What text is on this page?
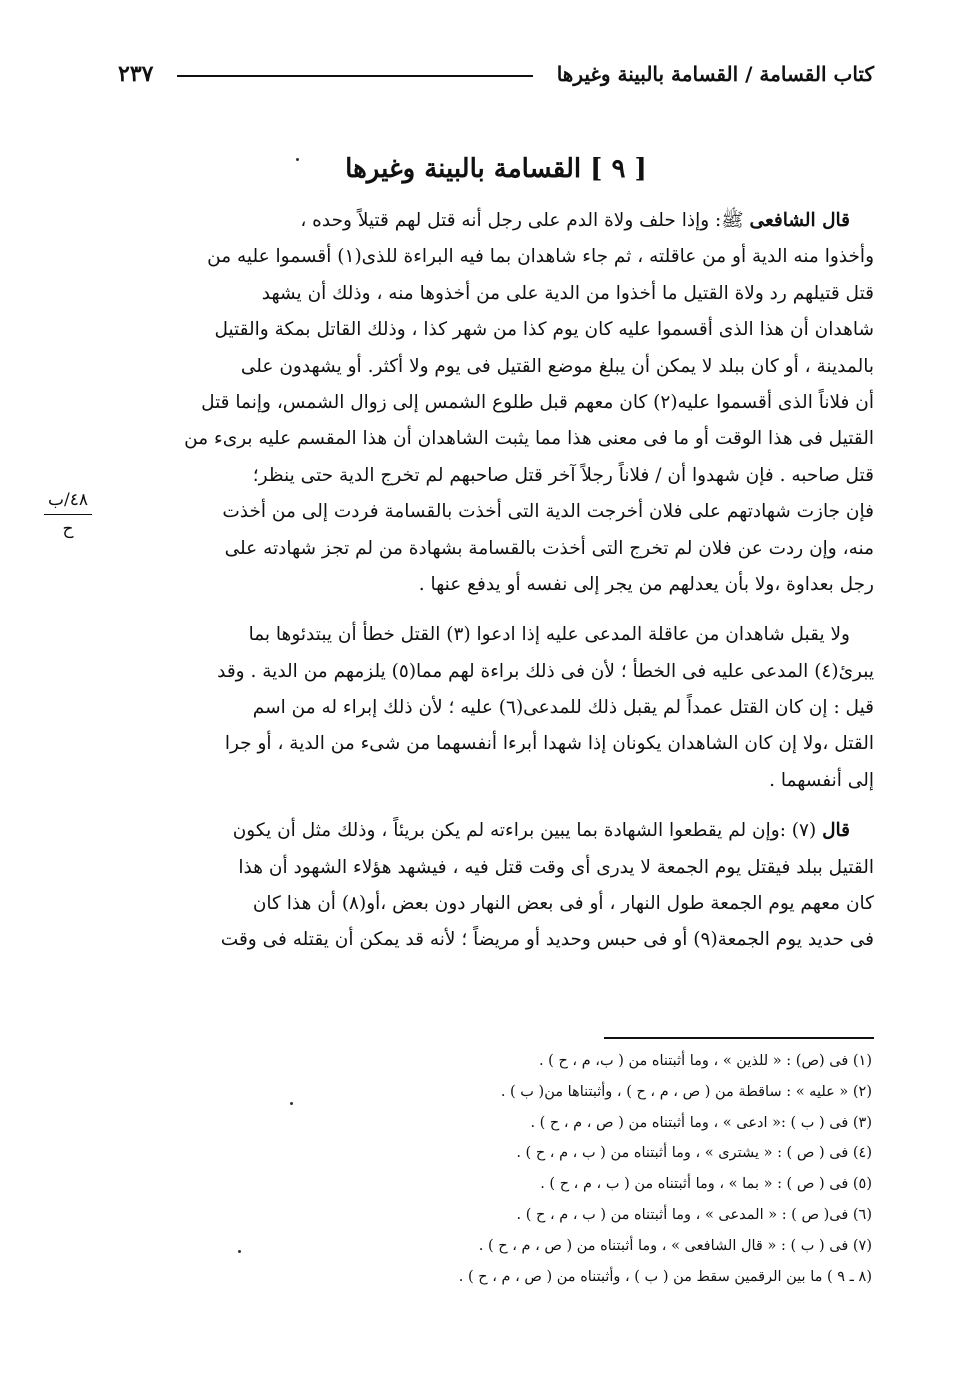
كتاب القسامة / القسامة بالبينة وغيرها
٢٣٧
[ ٩ ] القسامة بالبينة وغيرها
٤٨/ب
ح
قال الشافعى ﷺ: وإذا حلف ولاة الدم على رجل أنه قتل لهم قتيلاً وحده ،
وأخذوا منه الدية أو من عاقلته ، ثم جاء شاهدان بما فيه البراءة للذى(١) أقسموا عليه من
قتل قتيلهم رد ولاة القتيل ما أخذوا من الدية على من أخذوها منه ، وذلك أن يشهد
شاهدان أن هذا الذى أقسموا عليه كان يوم كذا من شهر كذا ، وذلك القاتل بمكة والقتيل
بالمدينة ، أو كان ببلد لا يمكن أن يبلغ موضع القتيل فى يوم ولا أكثر. أو يشهدون على
أن فلاناً الذى أقسموا عليه(٢) كان معهم قبل طلوع الشمس إلى زوال الشمس، وإنما قتل
القتيل فى هذا الوقت أو ما فى معنى هذا مما يثبت الشاهدان أن هذا المقسم عليه برىء من
قتل صاحبه . فإن شهدوا أن / فلاناً رجلاً آخر قتل صاحبهم لم تخرج الدية حتى ينظر؛
فإن جازت شهادتهم على فلان أخرجت الدية التى أخذت بالقسامة فردت إلى من أخذت
منه، وإن ردت عن فلان لم تخرج التى أخذت بالقسامة بشهادة من لم تجز شهادته على
رجل بعداوة ،ولا بأن يعدلهم من يجر إلى نفسه أو يدفع عنها .
ولا يقبل شاهدان من عاقلة المدعى عليه إذا ادعوا (٣) القتل خطأ أن يبتدئوها بما
يبرئ(٤) المدعى عليه فى الخطأ ؛ لأن فى ذلك براءة لهم مما(٥) يلزمهم من الدية . وقد
قيل : إن كان القتل عمداً لم يقبل ذلك للمدعى(٦) عليه ؛ لأن ذلك إبراء له من اسم
القتل ،ولا إن كان الشاهدان يكونان إذا شهدا أبرءا أنفسهما من شىء من الدية ، أو جرا
إلى أنفسهما .
قال (٧) :وإن لم يقطعوا الشهادة بما يبين براءته لم يكن بريئاً ، وذلك مثل أن يكون
القتيل ببلد فيقتل يوم الجمعة لا يدرى أى وقت قتل فيه ، فيشهد هؤلاء الشهود أن هذا
كان معهم يوم الجمعة طول النهار ، أو فى بعض النهار دون بعض ،أو(٨) أن هذا كان
فى حديد يوم الجمعة(٩) أو فى حبس وحديد أو مريضاً ؛ لأنه قد يمكن أن يقتله فى وقت
(١) فى (ص) : « للذين » ، وما أثبتناه من ( ب، م ، ح ) .
(٢) « عليه » : ساقطة من ( ص ، م ، ح ) ، وأثبتناها من( ب ) .
(٣) فى ( ب ) :« ادعى » ، وما أثبتناه من ( ص ، م ، ح ) .
(٤) فى ( ص ) : « يشترى » ، وما أثبتناه من ( ب ، م ، ح ) .
(٥) فى ( ص ) : « بما » ، وما أثبتناه من ( ب ، م ، ح ) .
(٦) فى( ص ) : « المدعى » ، وما أثبتناه من ( ب ، م ، ح ) .
(٧) فى ( ب ) : « قال الشافعى » ، وما أثبتناه من ( ص ، م ، ح ) .
(٨ ـ ٩ ) ما بين الرقمين سقط من ( ب ) ، وأثبتناه من ( ص ، م ، ح ) .
